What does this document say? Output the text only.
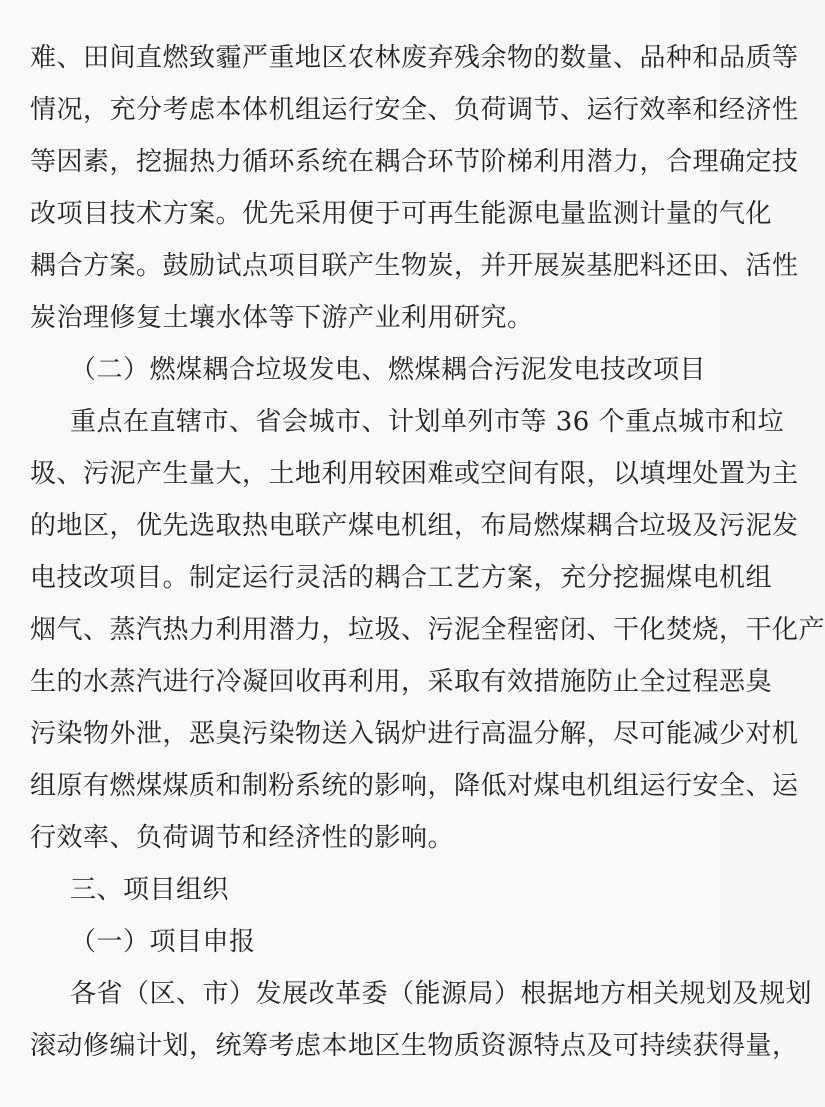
难、田间直燃致霾严重地区农林废弃残余物的数量、品种和品质等
情况，充分考虑本体机组运行安全、负荷调节、运行效率和经济性
等因素，挖掘热力循环系统在耦合环节阶梯利用潜力，合理确定技
改项目技术方案。优先采用便于可再生能源电量监测计量的气化
耦合方案。鼓励试点项目联产生物炭，并开展炭基肥料还田、活性
炭治理修复土壤水体等下游产业利用研究。
（二）燃煤耦合垃圾发电、燃煤耦合污泥发电技改项目
重点在直辖市、省会城市、计划单列市等 36 个重点城市和垃
圾、污泥产生量大，土地利用较困难或空间有限，以填埋处置为主
的地区，优先选取热电联产煤电机组，布局燃煤耦合垃圾及污泥发
电技改项目。制定运行灵活的耦合工艺方案，充分挖掘煤电机组
烟气、蒸汽热力利用潜力，垃圾、污泥全程密闭、干化焚烧，干化产
生的水蒸汽进行冷凝回收再利用，采取有效措施防止全过程恶臭
污染物外泄，恶臭污染物送入锅炉进行高温分解，尽可能减少对机
组原有燃煤煤质和制粉系统的影响，降低对煤电机组运行安全、运
行效率、负荷调节和经济性的影响。
三、项目组织
（一）项目申报
各省（区、市）发展改革委（能源局）根据地方相关规划及规划
滚动修编计划，统筹考虑本地区生物质资源特点及可持续获得量，
